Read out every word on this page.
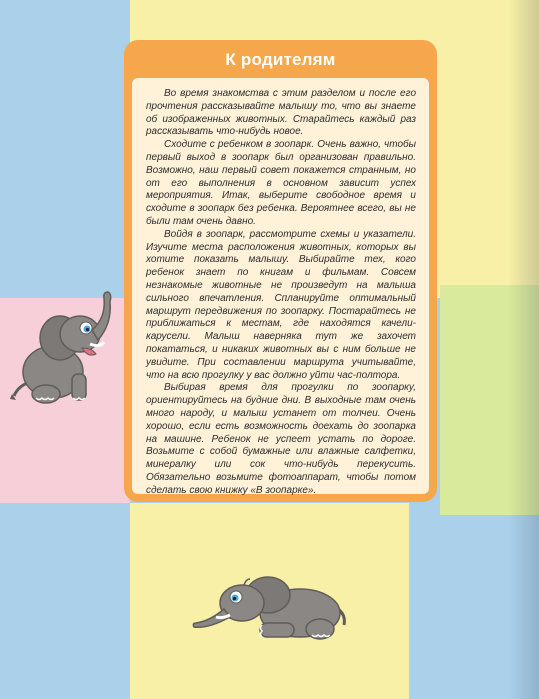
К родителям

Во время знакомства с этим разделом и после его прочтения рассказывайте малышу то, что вы знаете об изображенных животных. Старайтесь каждый раз рассказывать что-нибудь новое.

Сходите с ребенком в зоопарк. Очень важно, чтобы первый выход в зоопарк был организован правильно. Возможно, наш первый совет покажется странным, но от его выполнения в основном зависит успех мероприятия. Итак, выберите свободное время и сходите в зоопарк без ребенка. Вероятнее всего, вы не были там очень давно.

Войдя в зоопарк, рассмотрите схемы и указатели. Изучите места расположения животных, которых вы хотите показать малышу. Выбирайте тех, кого ребенок знает по книгам и фильмам. Совсем незнакомые животные не произведут на малыша сильного впечатления. Спланируйте оптимальный маршрут передвижения по зоопарку. Постарайтесь не приближаться к местам, где находятся качели-карусели. Малыш наверняка тут же захочет покататься, и никаких животных вы с ним больше не увидите. При составлении маршрута учитывайте, что на всю прогулку у вас должно уйти час-полтора.

Выбирая время для прогулки по зоопарку, ориентируйтесь на будние дни. В выходные там очень много народу, и малыш устанет от толчеи. Очень хорошо, если есть возможность доехать до зоопарка на машине. Ребенок не успеет устать по дороге. Возьмите с собой бумажные или влажные салфетки, минералку или сок что-нибудь перекусить. Обязательно возьмите фотоаппарат, чтобы потом сделать свою книжку «В зоопарке».
